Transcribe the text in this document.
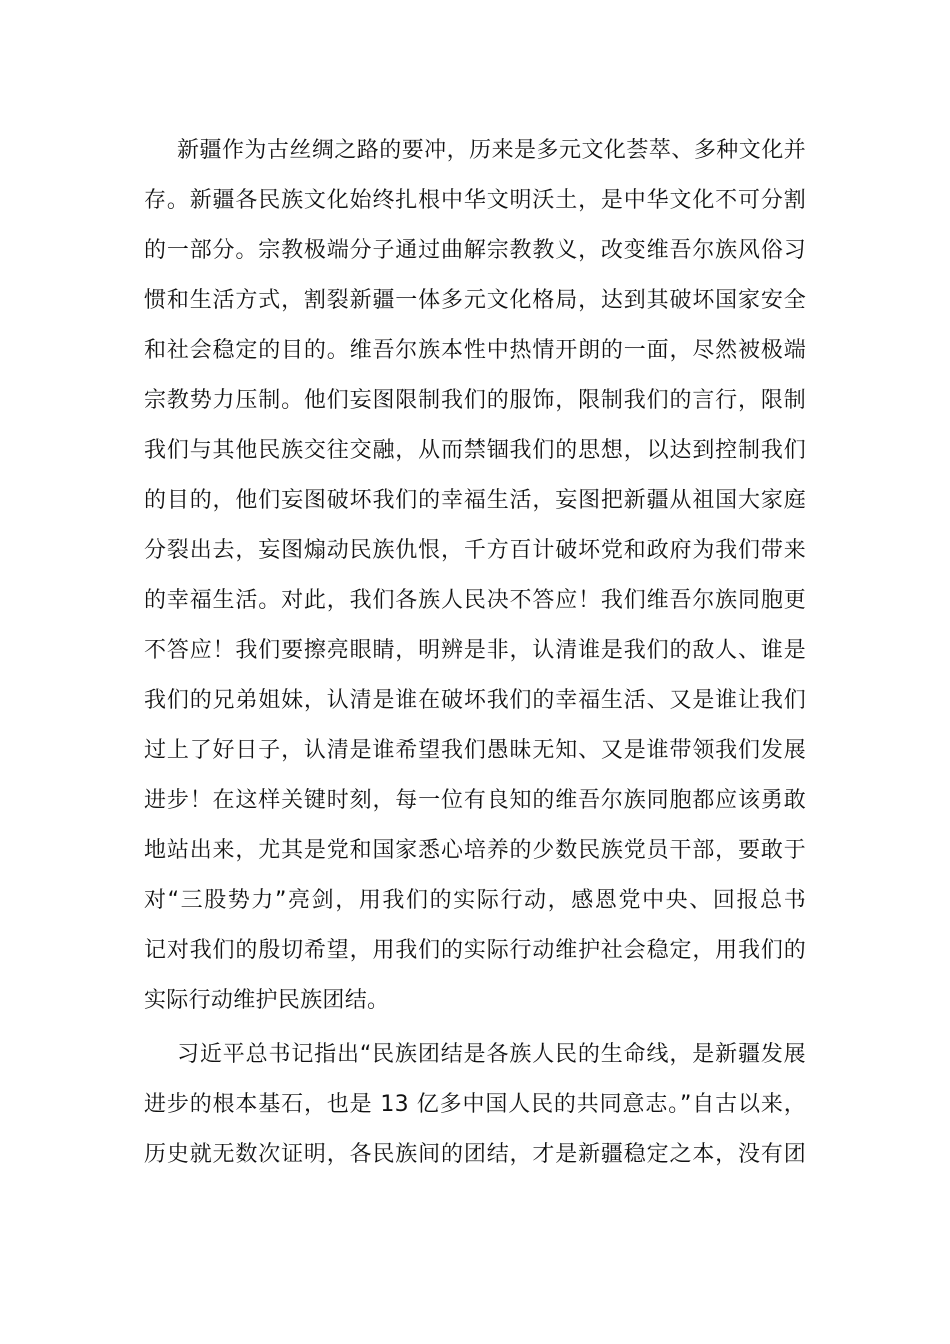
新疆作为古丝绸之路的要冲，历来是多元文化荟萃、多种文化并
存。新疆各民族文化始终扎根中华文明沃土，是中华文化不可分割
的一部分。宗教极端分子通过曲解宗教教义，改变维吾尔族风俗习
惯和生活方式，割裂新疆一体多元文化格局，达到其破坏国家安全
和社会稳定的目的。维吾尔族本性中热情开朗的一面，尽然被极端
宗教势力压制。他们妄图限制我们的服饰，限制我们的言行，限制
我们与其他民族交往交融，从而禁锢我们的思想，以达到控制我们
的目的，他们妄图破坏我们的幸福生活，妄图把新疆从祖国大家庭
分裂出去，妄图煽动民族仇恨，千方百计破坏党和政府为我们带来
的幸福生活。对此，我们各族人民决不答应！我们维吾尔族同胞更
不答应！我们要擦亮眼睛，明辨是非，认清谁是我们的敌人、谁是
我们的兄弟姐妹，认清是谁在破坏我们的幸福生活、又是谁让我们
过上了好日子，认清是谁希望我们愚昧无知、又是谁带领我们发展
进步！在这样关键时刻，每一位有良知的维吾尔族同胞都应该勇敢
地站出来，尤其是党和国家悉心培养的少数民族党员干部，要敢于
对“三股势力”亮剑，用我们的实际行动，感恩党中央、回报总书
记对我们的殷切希望，用我们的实际行动维护社会稳定，用我们的
实际行动维护民族团结。
习近平总书记指出“民族团结是各族人民的生命线，是新疆发展
进步的根本基石，也是 13 亿多中国人民的共同意志。”自古以来，
历史就无数次证明，各民族间的团结，才是新疆稳定之本，没有团
